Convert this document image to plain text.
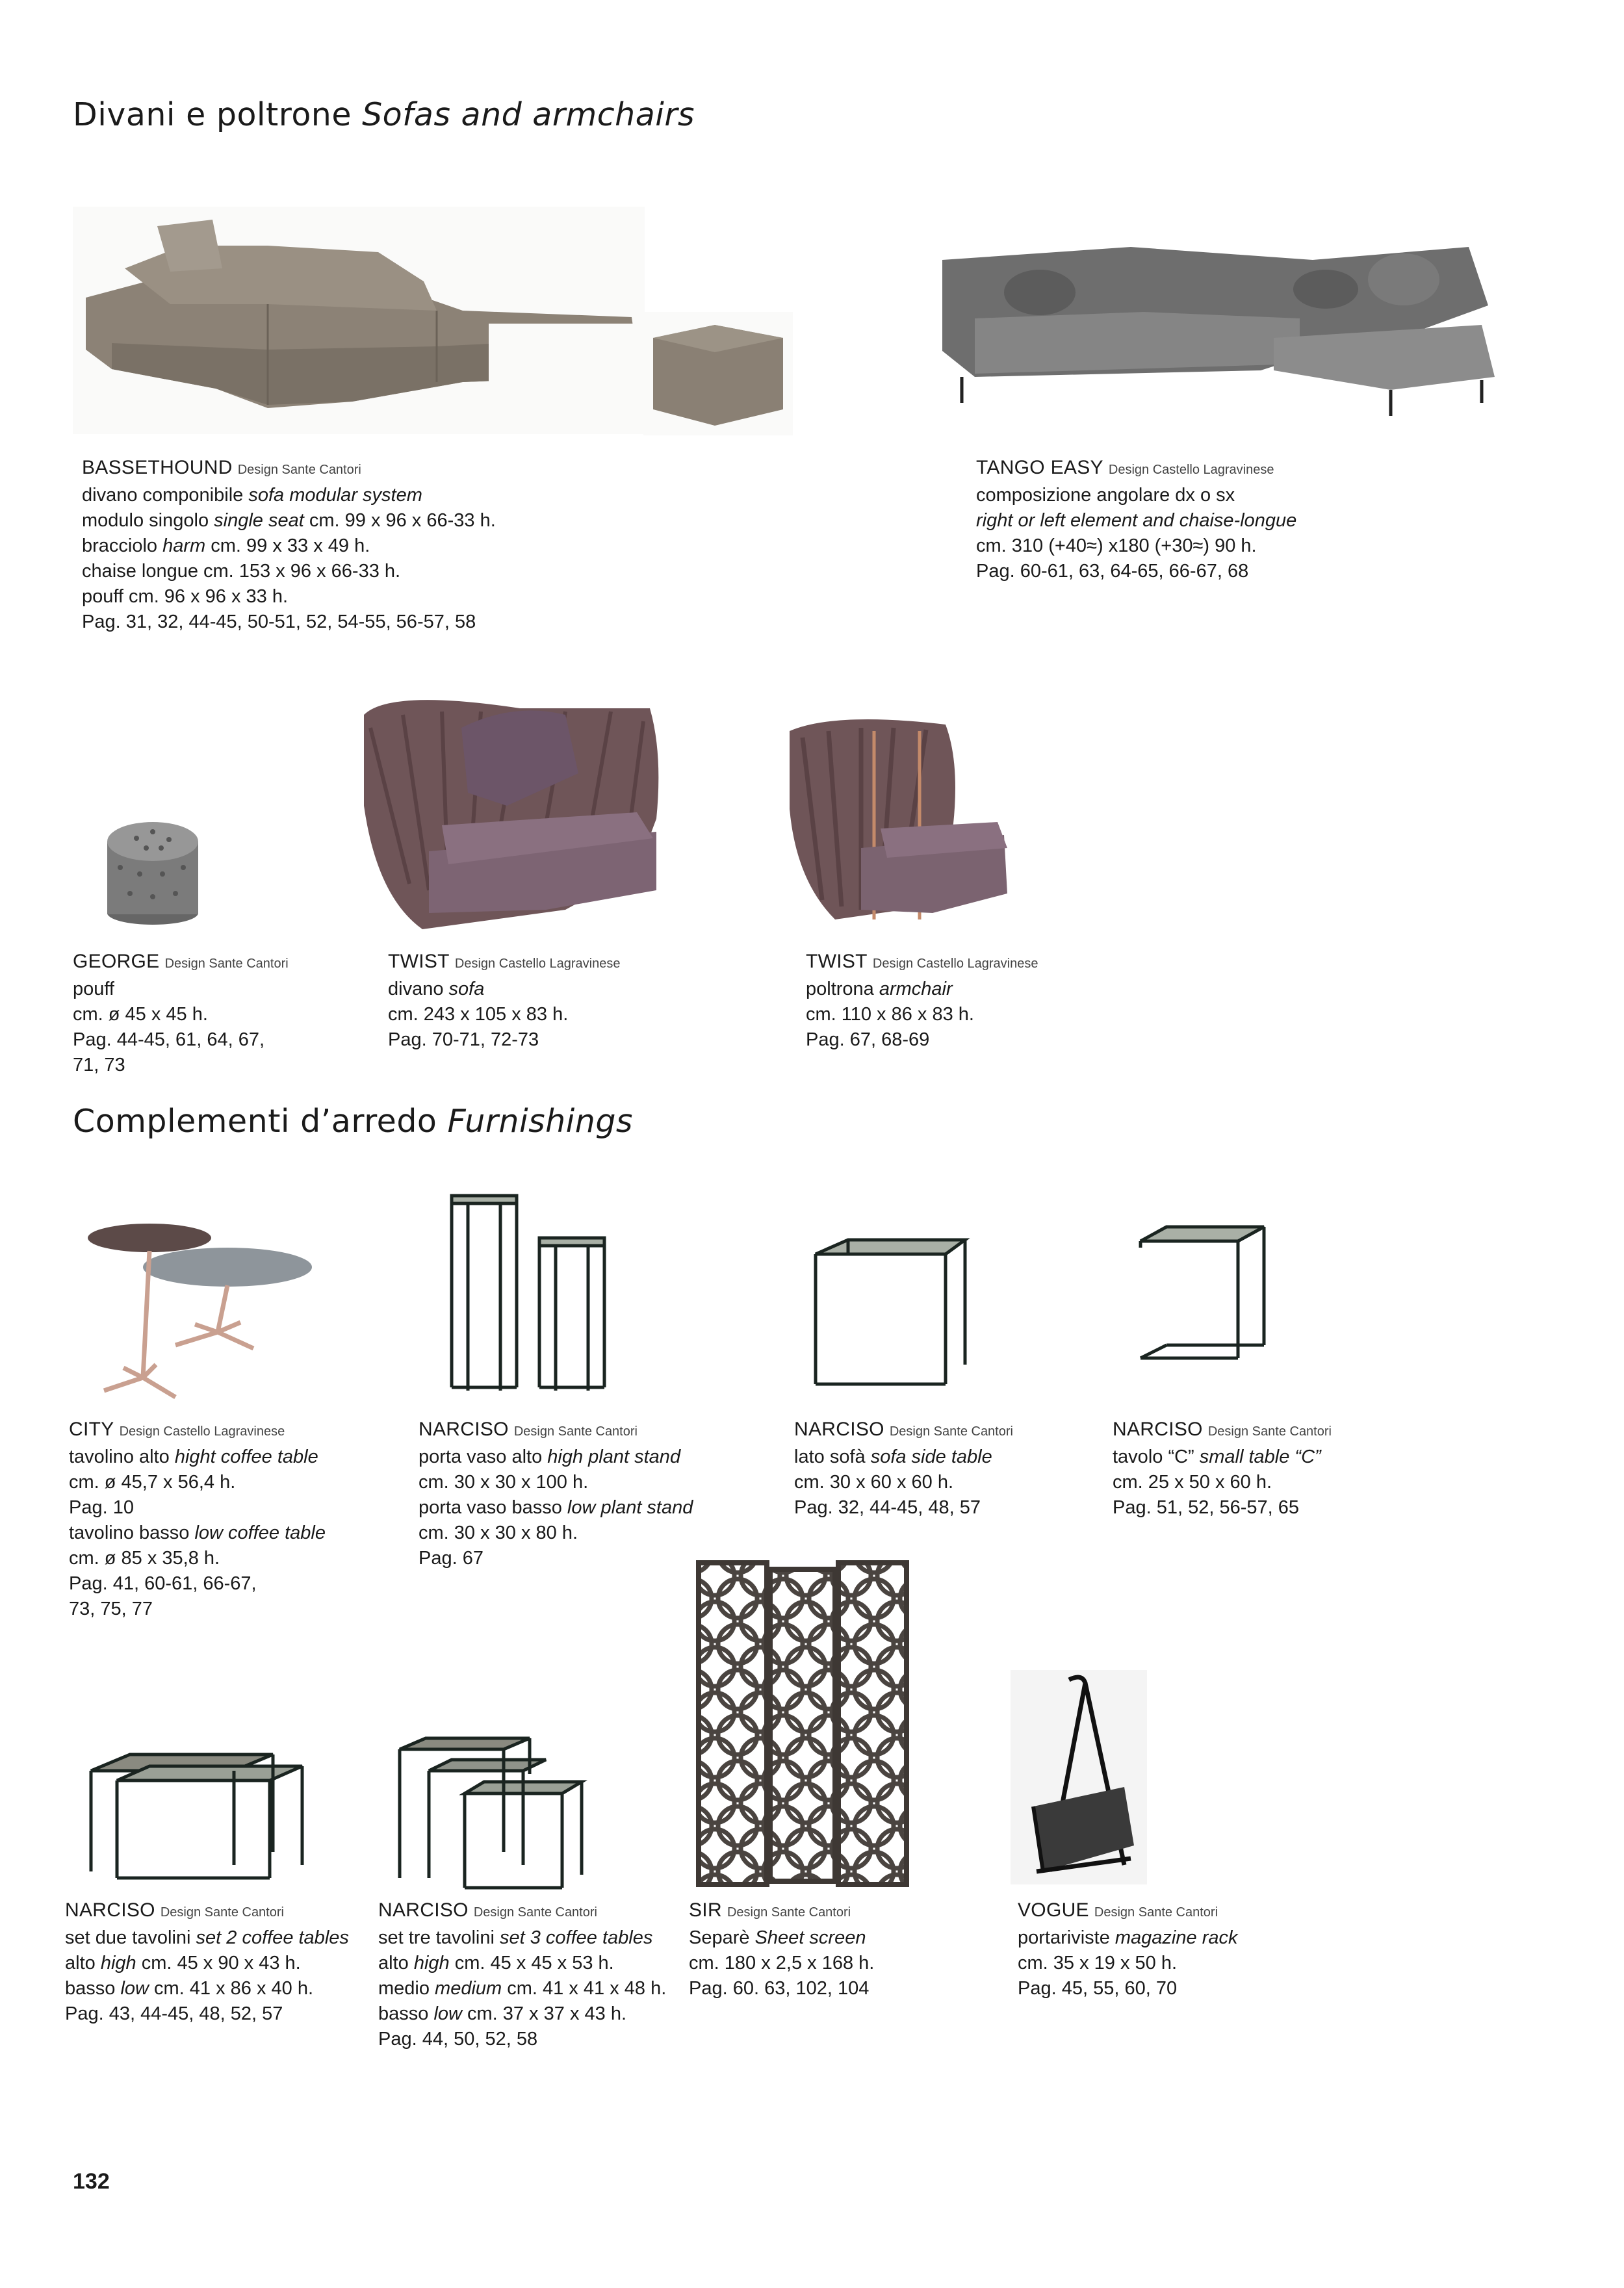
Divani e poltrone Sofas and armchairs
BASSETHOUND Design Sante Cantori
divano componibile sofa modular system
modulo singolo single seat cm. 99 x 96 x 66-33 h.
bracciolo harm cm. 99 x 33 x 49 h.
chaise longue cm. 153 x 96 x 66-33 h.
pouff cm. 96 x 96 x 33 h.
Pag. 31, 32, 44-45, 50-51, 52, 54-55, 56-57, 58
TANGO EASY Design Castello Lagravinese
composizione angolare dx o sx
right or left element and chaise-longue
cm. 310 (+40≈) x180 (+30≈) 90 h.
Pag. 60-61, 63, 64-65, 66-67, 68
GEORGE Design Sante Cantori
pouff
cm. ø 45 x 45 h.
Pag. 44-45, 61, 64, 67,
71, 73
TWIST Design Castello Lagravinese
divano sofa
cm. 243 x 105 x 83 h.
Pag. 70-71, 72-73
TWIST Design Castello Lagravinese
poltrona armchair
cm. 110 x 86 x 83 h.
Pag. 67, 68-69
Complementi d’arredo Furnishings
CITY Design Castello Lagravinese
tavolino alto hight coffee table
cm. ø 45,7 x 56,4 h.
Pag. 10
tavolino basso low coffee table
cm. ø 85 x 35,8 h.
Pag. 41, 60-61, 66-67,
73, 75, 77
NARCISO Design Sante Cantori
porta vaso alto high plant stand
cm. 30 x 30 x 100 h.
porta vaso basso low plant stand
cm. 30 x 30 x 80 h.
Pag. 67
NARCISO Design Sante Cantori
lato sofà sofa side table
cm. 30 x 60 x 60 h.
Pag. 32, 44-45, 48, 57
NARCISO Design Sante Cantori
tavolo “C” small table “C”
cm. 25 x 50 x 60 h.
Pag. 51, 52, 56-57, 65
NARCISO Design Sante Cantori
set due tavolini set 2 coffee tables
alto high cm. 45 x 90 x 43 h.
basso low cm. 41 x 86 x 40 h.
Pag. 43, 44-45, 48, 52, 57
NARCISO Design Sante Cantori
set tre tavolini set 3 coffee tables
alto high cm. 45 x 45 x 53 h.
medio medium cm. 41 x 41 x 48 h.
basso low cm. 37 x 37 x 43 h.
Pag. 44, 50, 52, 58
SIR Design Sante Cantori
Separè Sheet screen
cm. 180 x 2,5 x 168 h.
Pag. 60. 63, 102, 104
VOGUE Design Sante Cantori
portariviste magazine rack
cm. 35 x 19 x 50 h.
Pag. 45, 55, 60, 70
132
